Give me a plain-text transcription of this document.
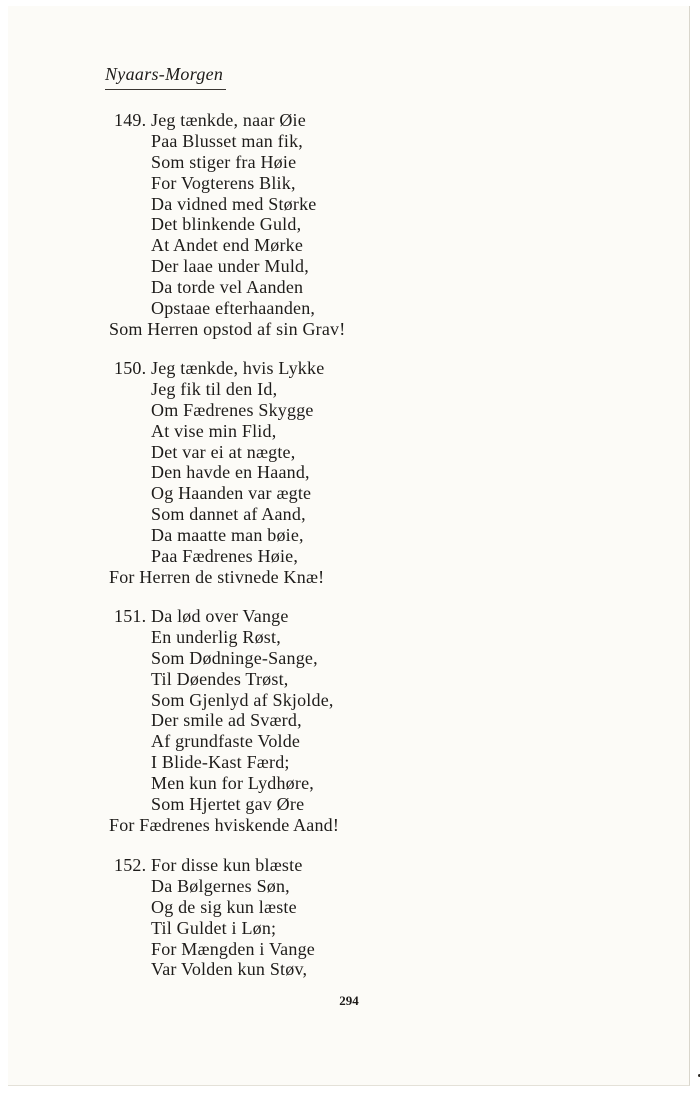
Nyaars-Morgen
149. Jeg tænkde, naar Øie
Paa Blusset man fik,
Som stiger fra Høie
For Vogterens Blik,
Da vidned med Størke
Det blinkende Guld,
At Andet end Mørke
Der laae under Muld,
Da torde vel Aanden
Opstaae efterhaanden,
Som Herren opstod af sin Grav!
150. Jeg tænkde, hvis Lykke
Jeg fik til den Id,
Om Fædrenes Skygge
At vise min Flid,
Det var ei at nægte,
Den havde en Haand,
Og Haanden var ægte
Som dannet af Aand,
Da maatte man bøie,
Paa Fædrenes Høie,
For Herren de stivnede Knæ!
151. Da lød over Vange
En underlig Røst,
Som Dødninge-Sange,
Til Døendes Trøst,
Som Gjenlyd af Skjolde,
Der smile ad Sværd,
Af grundfaste Volde
I Blide-Kast Færd;
Men kun for Lydhøre,
Som Hjertet gav Øre
For Fædrenes hviskende Aand!
152. For disse kun blæste
Da Bølgernes Søn,
Og de sig kun læste
Til Guldet i Løn;
For Mængden i Vange
Var Volden kun Støv,
294
